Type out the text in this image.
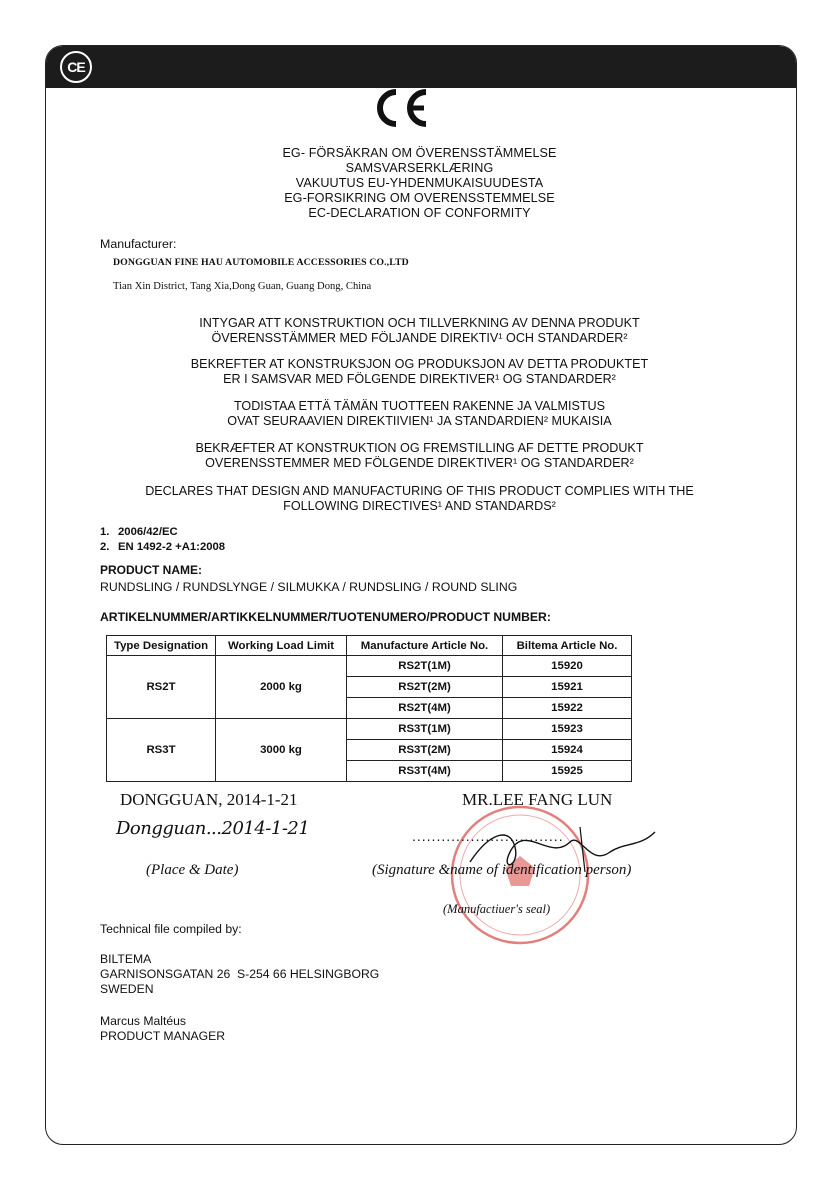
CE
EG- FÖRSÄKRAN OM ÖVERENSSTÄMMELSE
SAMSVARSERKLÆRING
VAKUUTUS EU-YHDENMUKAISUUDESTA
EG-FORSIKRING OM OVERENSSTEMMELSE
EC-DECLARATION OF CONFORMITY
Manufacturer:
DONGGUAN FINE HAU AUTOMOBILE ACCESSORIES CO.,LTD
Tian Xin District, Tang Xia,Dong Guan, Guang Dong, China
INTYGAR ATT KONSTRUKTION OCH TILLVERKNING AV DENNA PRODUKT
ÖVERENSSTÄMMER MED FÖLJANDE DIREKTIV¹ OCH STANDARDER²
BEKREFTER AT KONSTRUKSJON OG PRODUKSJON AV DETTA PRODUKTET
ER I SAMSVAR MED FÖLGENDE DIREKTIVER¹ OG STANDARDER²
TODISTAA ETTÄ TÄMÄN TUOTTEEN RAKENNE JA VALMISTUS
OVAT SEURAAVIEN DIREKTIIVIEN¹ JA STANDARDIEN² MUKAISIA
BEKRÆFTER AT KONSTRUKTION OG FREMSTILLING AF DETTE PRODUKT
OVERENSSTEMMER MED FÖLGENDE DIREKTIVER¹ OG STANDARDER²
DECLARES THAT DESIGN AND MANUFACTURING OF THIS PRODUCT COMPLIES WITH THE
FOLLOWING DIRECTIVES¹ AND STANDARDS²
1. 2006/42/EC
2. EN 1492-2 +A1:2008
PRODUCT NAME:
RUNDSLING / RUNDSLYNGE / SILMUKKA / RUNDSLING / ROUND SLING
ARTIKELNUMMER/ARTIKKELNUMMER/TUOTENUMERO/PRODUCT NUMBER:
Type Designation	Working Load Limit	Manufacture Article No.	Biltema Article No.
RS2T	2000 kg	RS2T(1M)	15920
		RS2T(2M)	15921
		RS2T(4M)	15922
RS3T	3000 kg	RS3T(1M)	15923
		RS3T(2M)	15924
		RS3T(4M)	15925
DONGGUAN, 2014-1-21	MR.LEE FANG LUN
Dongguan...2014-1-21	...............................
(Place & Date)	(Signature &name of identification person)
(Manufactiuer's seal)
Technical file compiled by:
BILTEMA
GARNISONSGATAN 26  S-254 66 HELSINGBORG
SWEDEN
Marcus Maltéus
PRODUCT MANAGER
